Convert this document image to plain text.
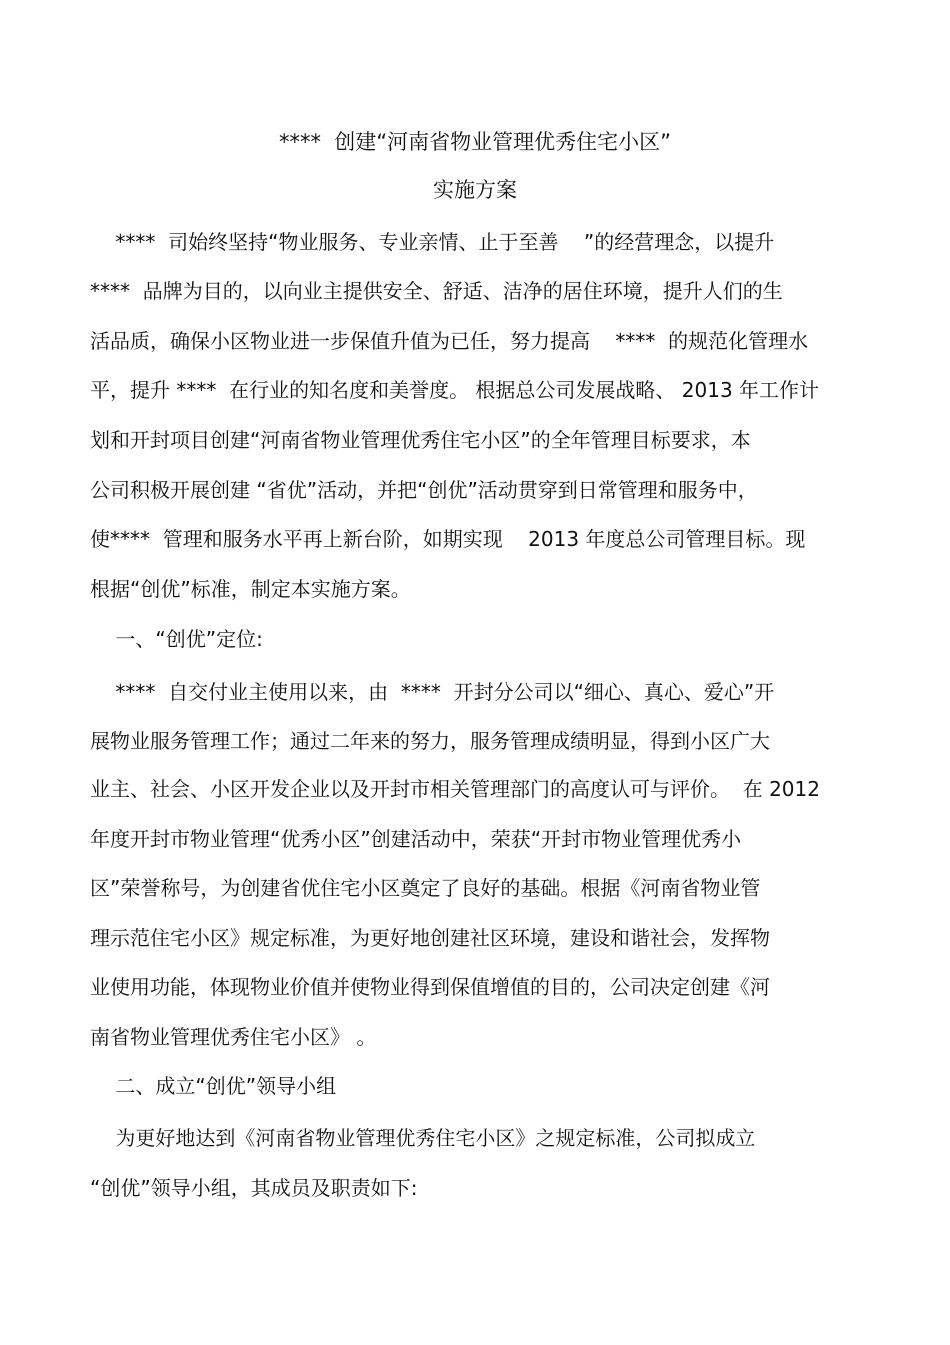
****  创建“河南省物业管理优秀住宅小区”
实施方案
****  司始终坚持“物业服务、专业亲情、止于至善    ”的经营理念，以提升
****  品牌为目的，以向业主提供安全、舒适、洁净的居住环境，提升人们的生
活品质，确保小区物业进一步保值升值为已任，努力提高    ****  的规范化管理水
平，提升 ****  在行业的知名度和美誉度。 根据总公司发展战略、 2013 年工作计
划和开封项目创建“河南省物业管理优秀住宅小区”的全年管理目标要求，本
公司积极开展创建 “省优”活动，并把“创优”活动贯穿到日常管理和服务中，
使****  管理和服务水平再上新台阶，如期实现    2013 年度总公司管理目标。现
根据“创优”标准，制定本实施方案。
一、“创优”定位:
****  自交付业主使用以来，由  ****  开封分公司以“细心、真心、爱心”开
展物业服务管理工作；通过二年来的努力，服务管理成绩明显，得到小区广大
业主、社会、小区开发企业以及开封市相关管理部门的高度认可与评价。  在 2012
年度开封市物业管理“优秀小区”创建活动中，荣获“开封市物业管理优秀小
区”荣誉称号，为创建省优住宅小区奠定了良好的基础。根据《河南省物业管
理示范住宅小区》规定标准，为更好地创建社区环境，建设和谐社会，发挥物
业使用功能，体现物业价值并使物业得到保值增值的目的，公司决定创建《河
南省物业管理优秀住宅小区》 。
二、成立“创优”领导小组
为更好地达到《河南省物业管理优秀住宅小区》之规定标准，公司拟成立
“创优”领导小组，其成员及职责如下:
